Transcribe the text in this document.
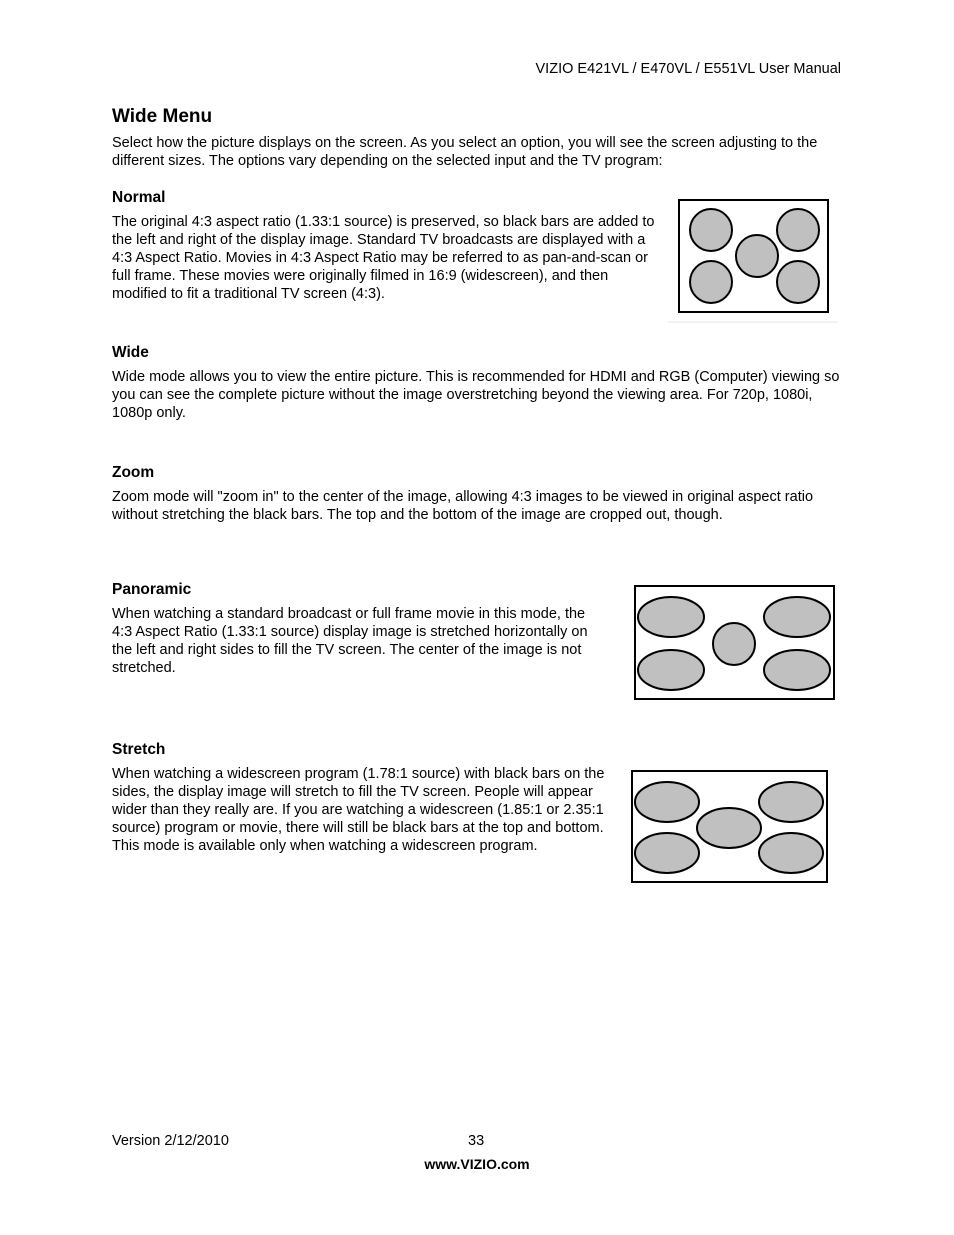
VIZIO E421VL / E470VL / E551VL User Manual
Wide Menu

Select how the picture displays on the screen. As you select an option, you will see the screen adjusting to the different sizes. The options vary depending on the selected input and the TV program:

Normal

The original 4:3 aspect ratio (1.33:1 source) is preserved, so black bars are added to the left and right of the display image. Standard TV broadcasts are displayed with a 4:3 Aspect Ratio. Movies in 4:3 Aspect Ratio may be referred to as pan-and-scan or full frame. These movies were originally filmed in 16:9 (widescreen), and then modified to fit a traditional TV screen (4:3).

Wide

Wide mode allows you to view the entire picture. This is recommended for HDMI and RGB (Computer) viewing so you can see the complete picture without the image overstretching beyond the viewing area. For 720p, 1080i, 1080p only.

Zoom

Zoom mode will "zoom in" to the center of the image, allowing 4:3 images to be viewed in original aspect ratio without stretching the black bars. The top and the bottom of the image are cropped out, though.

Panoramic

When watching a standard broadcast or full frame movie in this mode, the 4:3 Aspect Ratio (1.33:1 source) display image is stretched horizontally on the left and right sides to fill the TV screen. The center of the image is not stretched.

Stretch

When watching a widescreen program (1.78:1 source) with black bars on the sides, the display image will stretch to fill the TV screen. People will appear wider than they really are. If you are watching a widescreen (1.85:1 or 2.35:1 source) program or movie, there will still be black bars at the top and bottom. This mode is available only when watching a widescreen program.

Version 2/12/2010	33
www.VIZIO.com
